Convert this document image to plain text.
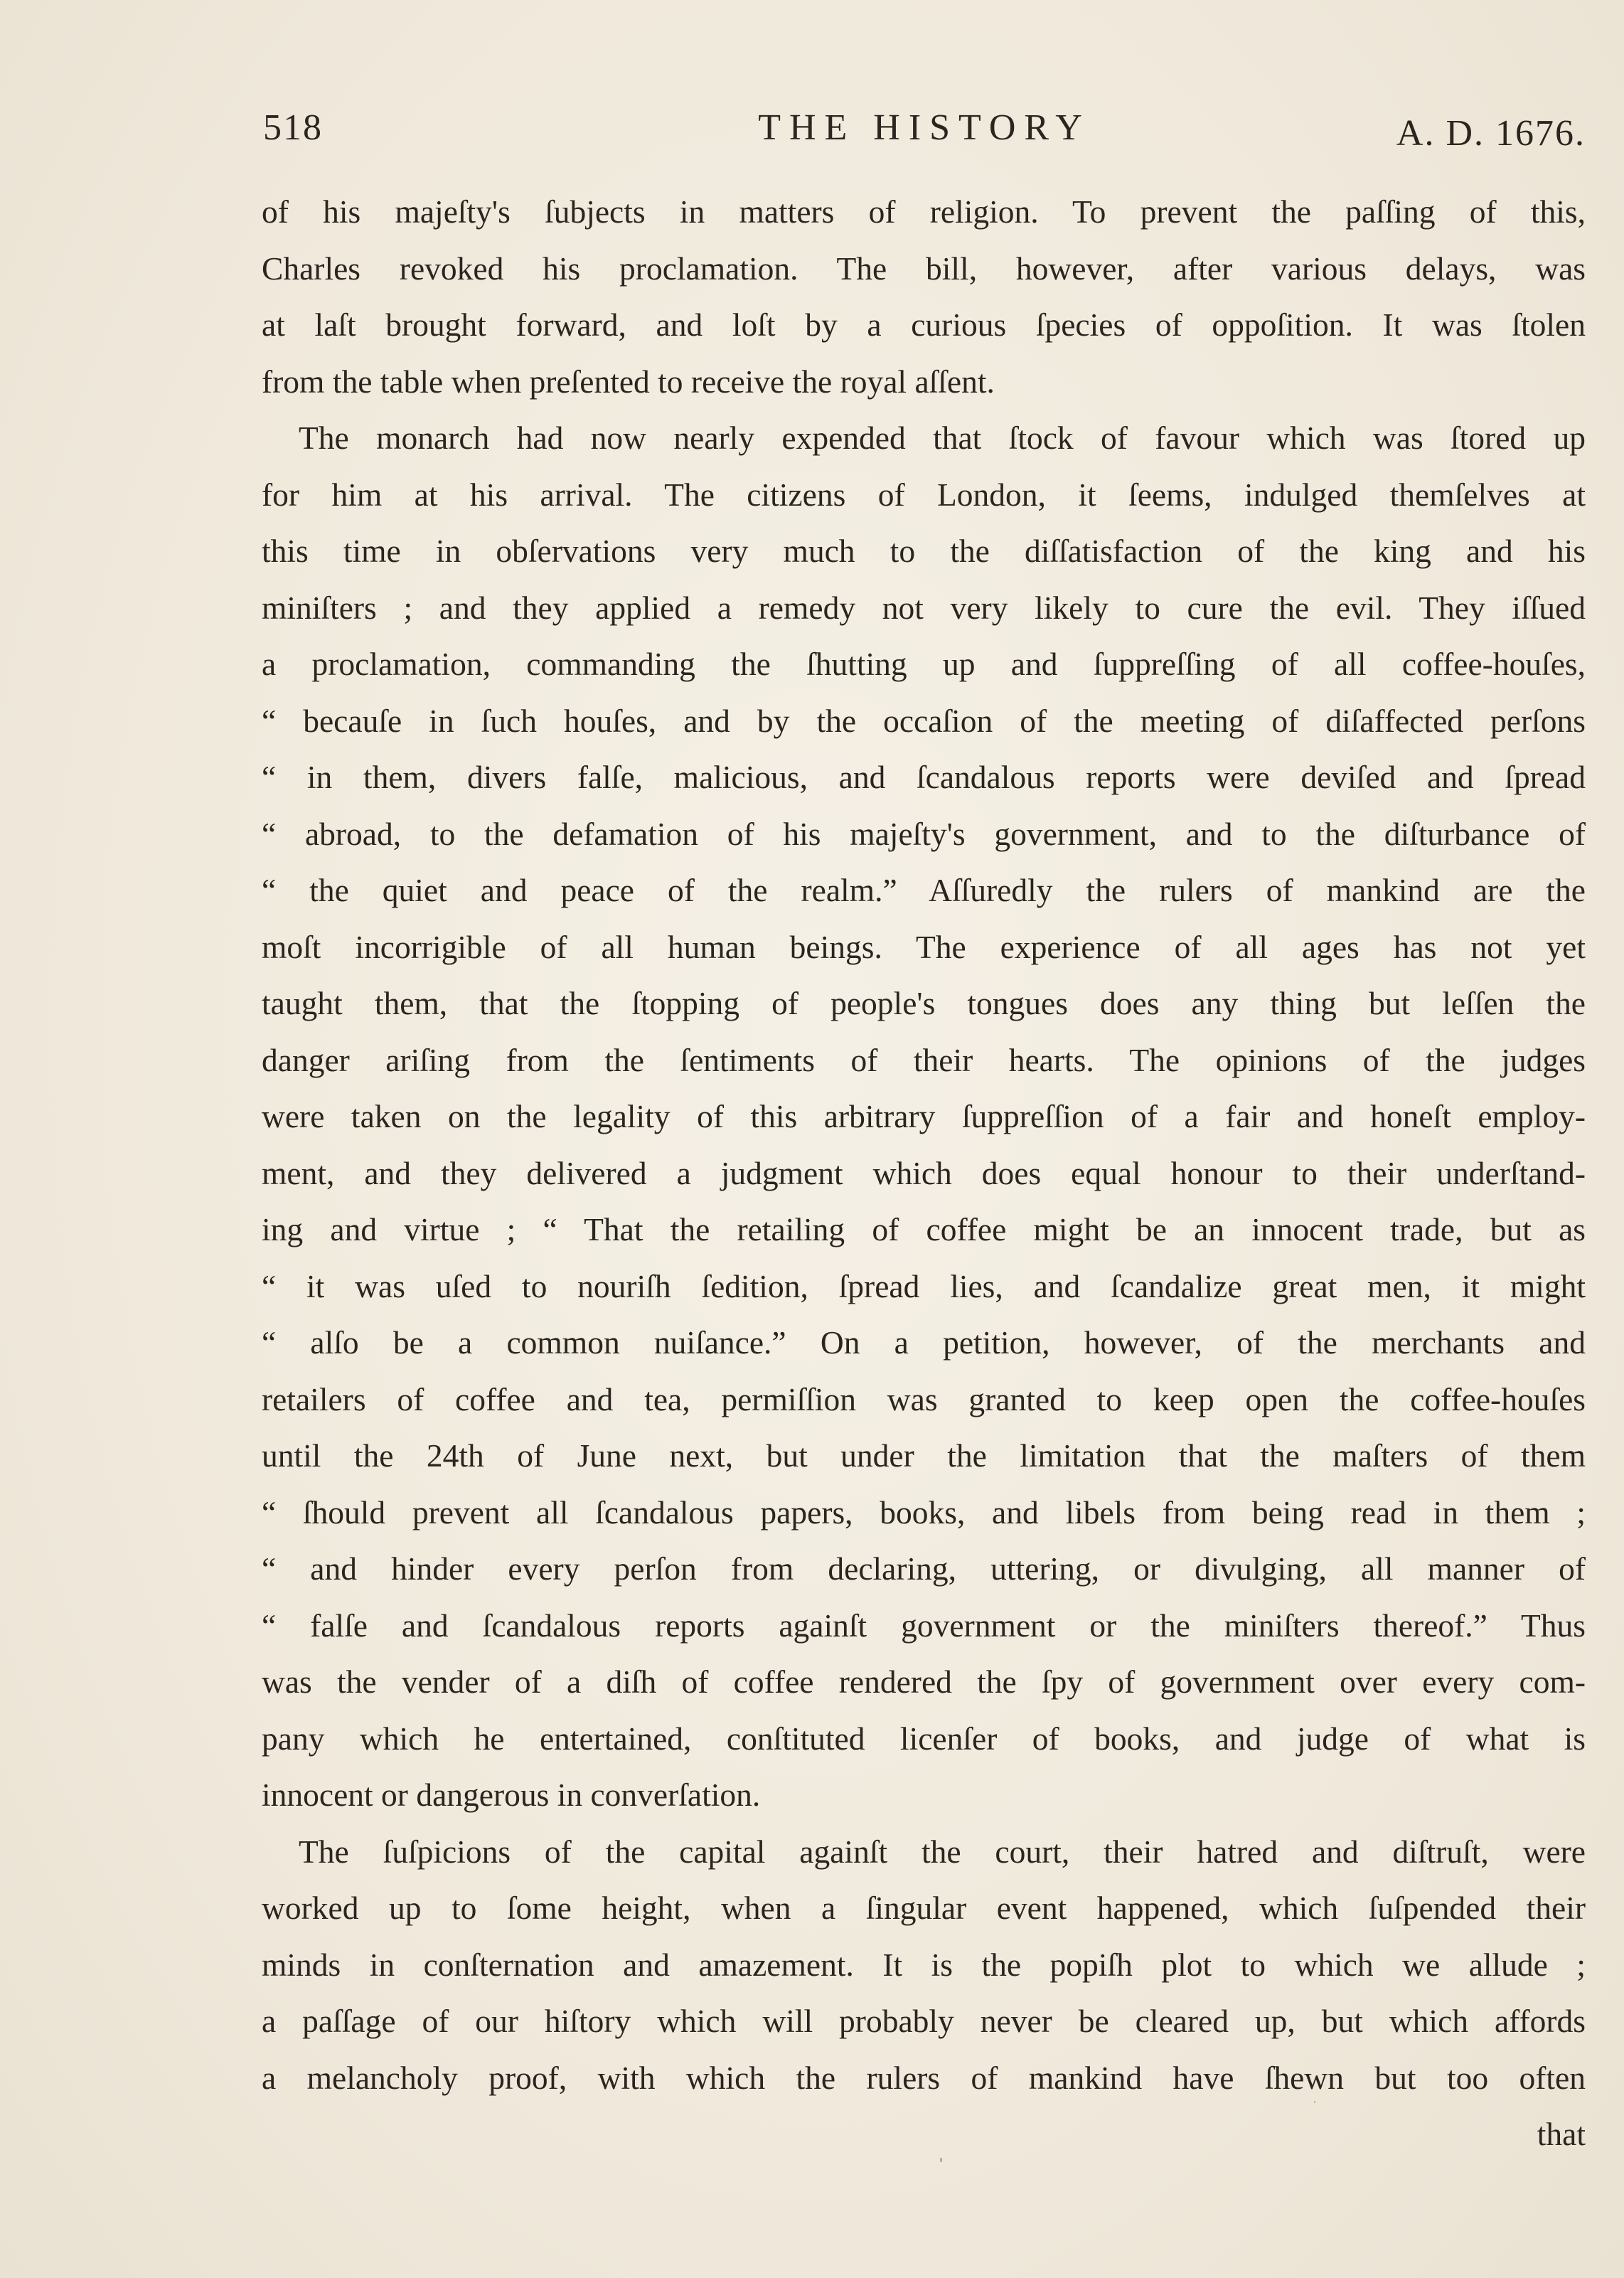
518	THE HISTORY	A. D. 1676.
of his majeſty's ſubjects in matters of religion. To prevent the paſſing of this,
Charles revoked his proclamation. The bill, however, after various delays, was
at laſt brought forward, and loſt by a curious ſpecies of oppoſition. It was ſtolen
from the table when preſented to receive the royal aſſent.
The monarch had now nearly expended that ſtock of favour which was ſtored up
for him at his arrival. The citizens of London, it ſeems, indulged themſelves at
this time in obſervations very much to the diſſatisfaction of the king and his
miniſters ; and they applied a remedy not very likely to cure the evil. They iſſued
a proclamation, commanding the ſhutting up and ſuppreſſing of all coffee-houſes,
“ becauſe in ſuch houſes, and by the occaſion of the meeting of diſaffected perſons
“ in them, divers falſe, malicious, and ſcandalous reports were deviſed and ſpread
“ abroad, to the defamation of his majeſty's government, and to the diſturbance of
“ the quiet and peace of the realm.” Aſſuredly the rulers of mankind are the
moſt incorrigible of all human beings. The experience of all ages has not yet
taught them, that the ſtopping of people's tongues does any thing but leſſen the
danger ariſing from the ſentiments of their hearts. The opinions of the judges
were taken on the legality of this arbitrary ſuppreſſion of a fair and honeſt employ-
ment, and they delivered a judgment which does equal honour to their underſtand-
ing and virtue ; “ That the retailing of coffee might be an innocent trade, but as
“ it was uſed to nouriſh ſedition, ſpread lies, and ſcandalize great men, it might
“ alſo be a common nuiſance.” On a petition, however, of the merchants and
retailers of coffee and tea, permiſſion was granted to keep open the coffee-houſes
until the 24th of June next, but under the limitation that the maſters of them
“ ſhould prevent all ſcandalous papers, books, and libels from being read in them ;
“ and hinder every perſon from declaring, uttering, or divulging, all manner of
“ falſe and ſcandalous reports againſt government or the miniſters thereof.” Thus
was the vender of a diſh of coffee rendered the ſpy of government over every com-
pany which he entertained, conſtituted licenſer of books, and judge of what is
innocent or dangerous in converſation.
The ſuſpicions of the capital againſt the court, their hatred and diſtruſt, were
worked up to ſome height, when a ſingular event happened, which ſuſpended their
minds in conſternation and amazement. It is the popiſh plot to which we allude ;
a paſſage of our hiſtory which will probably never be cleared up, but which affords
a melancholy proof, with which the rulers of mankind have ſhewn but too often
that
